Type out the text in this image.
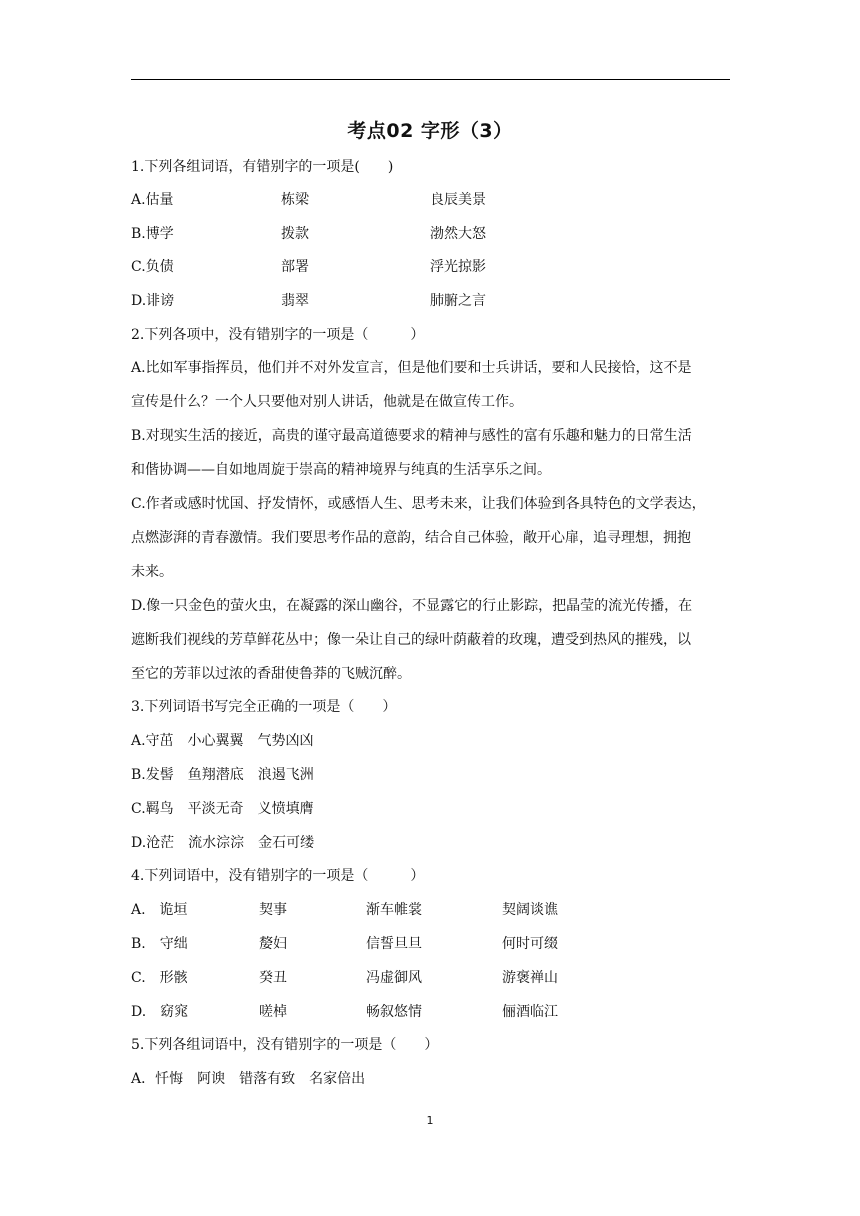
考点02 字形（3）
1.下列各组词语，有错别字的一项是(　　)
A.估量	栋梁	良辰美景
B.博学	拨款	渤然大怒
C.负债	部署	浮光掠影
D.诽谤	翡翠	肺腑之言
2.下列各项中，没有错别字的一项是（　　　）
A.比如军事指挥员，他们并不对外发宣言，但是他们要和士兵讲话，要和人民接恰，这不是
宣传是什么？一个人只要他对别人讲话，他就是在做宣传工作。
B.对现实生活的接近，高贵的谨守最高道德要求的精神与感性的富有乐趣和魅力的日常生活
和偕协调——自如地周旋于崇高的精神境界与纯真的生活享乐之间。
C.作者或感时忧国、抒发情怀，或感悟人生、思考未来，让我们体验到各具特色的文学表达，
点燃澎湃的青春激情。我们要思考作品的意韵，结合自己体验，敞开心扉，追寻理想，拥抱
未来。
D.像一只金色的萤火虫，在凝露的深山幽谷，不显露它的行止影踪，把晶莹的流光传播，在
遮断我们视线的芳草鲜花丛中；像一朵让自己的绿叶荫蔽着的玫瑰，遭受到热风的摧残，以
至它的芳菲以过浓的香甜使鲁莽的飞贼沉醉。
3.下列词语书写完全正确的一项是（　　）
A.守茁　小心翼翼　气势凶凶
B.发髻　鱼翔潜底　浪遏飞洲
C.羁鸟　平淡无奇　义愤填膺
D.沧茫　流水淙淙　金石可缕
4.下列词语中，没有错别字的一项是（　　　）
A.　诡垣	契事	渐车帷裳	契阔谈谯
B.　守绌	嫠妇	信誓旦旦	何时可缀
C.　形骸	癸丑	冯虚御风	游褒禅山
D.　窈窕	嗟棹	畅叙悠情	俪酒临江
5.下列各组词语中，没有错别字的一项是（　　）
A．忏悔　阿谀　错落有致　名家倍出
1
